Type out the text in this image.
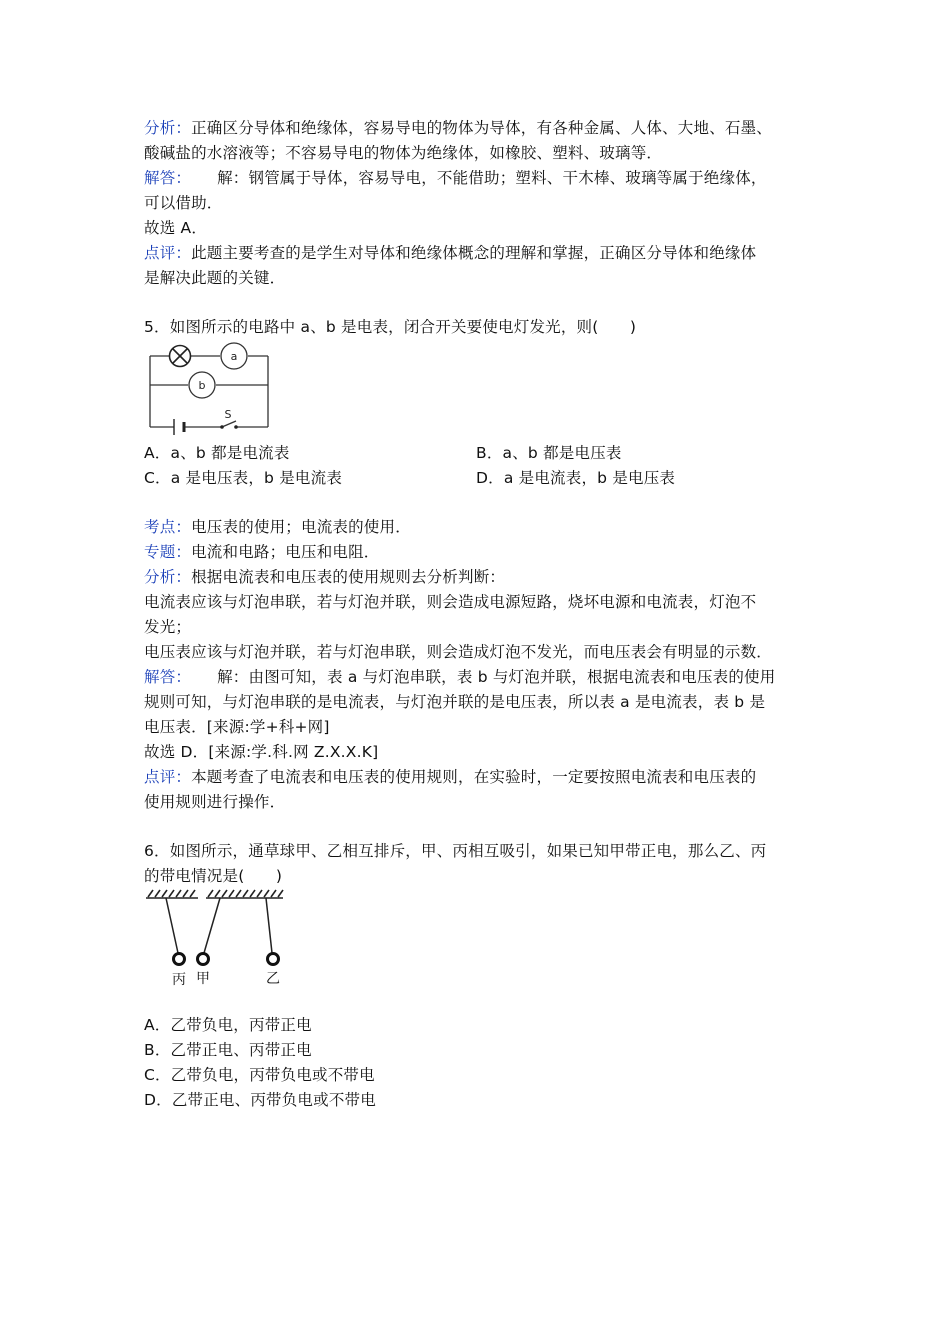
分析：正确区分导体和绝缘体，容易导电的物体为导体，有各种金属、人体、大地、石墨、
酸碱盐的水溶液等；不容易导电的物体为绝缘体，如橡胶、塑料、玻璃等．
解答： 解：钢管属于导体，容易导电，不能借助；塑料、干木棒、玻璃等属于绝缘体，
可以借助．
故选 A．
点评：此题主要考查的是学生对导体和绝缘体概念的理解和掌握，正确区分导体和绝缘体
是解决此题的关键．
5．如图所示的电路中 a、b 是电表，闭合开关要使电灯发光，则(　　)
a
b
S
A．a、b 都是电流表	B．a、b 都是电压表
C．a 是电压表，b 是电流表	D．a 是电流表，b 是电压表
考点：电压表的使用；电流表的使用．
专题：电流和电路；电压和电阻．
分析：根据电流表和电压表的使用规则去分析判断：
电流表应该与灯泡串联，若与灯泡并联，则会造成电源短路，烧坏电源和电流表，灯泡不
发光；
电压表应该与灯泡并联，若与灯泡串联，则会造成灯泡不发光，而电压表会有明显的示数．
解答： 解：由图可知，表 a 与灯泡串联，表 b 与灯泡并联，根据电流表和电压表的使用
规则可知，与灯泡串联的是电流表，与灯泡并联的是电压表，所以表 a 是电流表，表 b 是
电压表．[来源:学+科+网]
故选 D．[来源:学.科.网 Z.X.X.K]
点评：本题考查了电流表和电压表的使用规则，在实验时，一定要按照电流表和电压表的
使用规则进行操作．
6．如图所示，通草球甲、乙相互排斥，甲、丙相互吸引，如果已知甲带正电，那么乙、丙
的带电情况是(　　)
丙 甲	乙
A．乙带负电，丙带正电
B．乙带正电、丙带正电
C．乙带负电，丙带负电或不带电
D．乙带正电、丙带负电或不带电
